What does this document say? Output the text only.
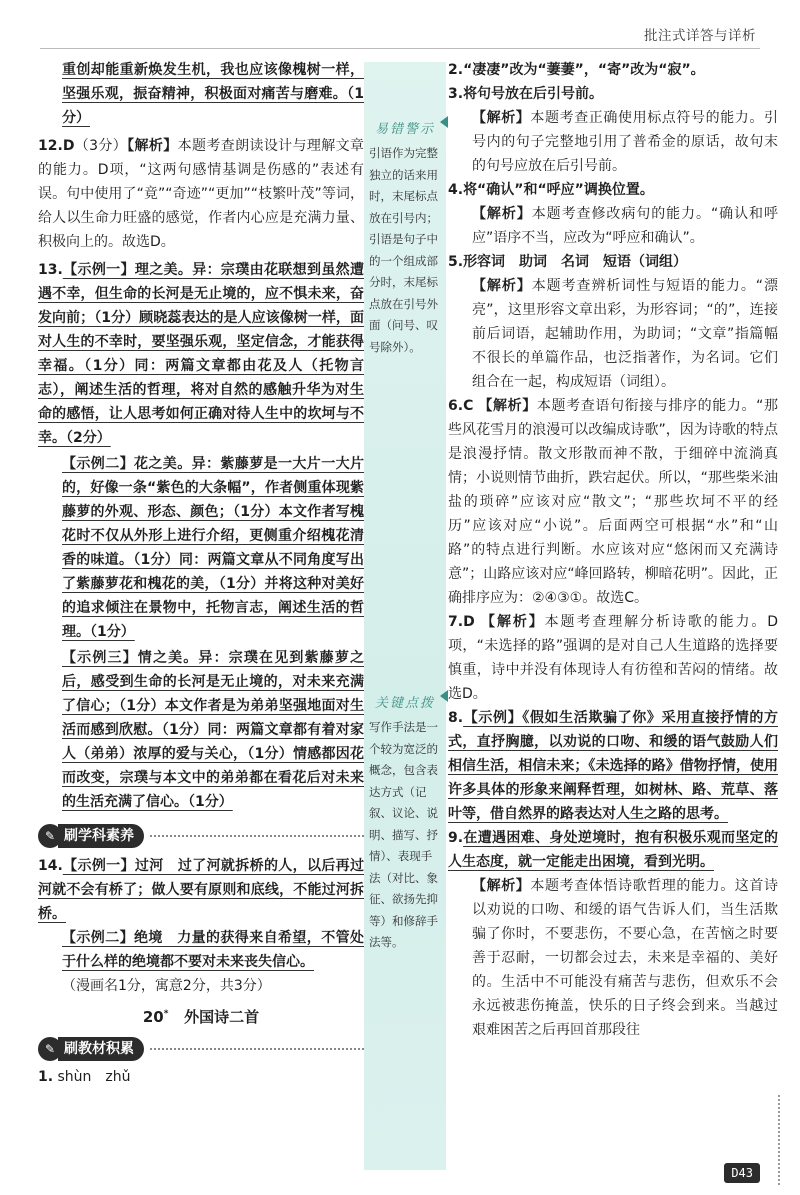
批注式详答与详析
重创却能重新焕发生机，我也应该像槐树一样，坚强乐观，振奋精神，积极面对痛苦与磨难。（1分）
12.D（3分）【解析】本题考查朗读设计与理解文章的能力。D项，“这两句感情基调是伤感的”表述有误。句中使用了“竟”“奇迹”“更加”“枝繁叶茂”等词，给人以生命力旺盛的感觉，作者内心应是充满力量、积极向上的。故选D。
13.【示例一】理之美。异：宗璞由花联想到虽然遭遇不幸，但生命的长河是无止境的，应不惧未来，奋发向前；（1分）顾晓蕊表达的是人应该像树一样，面对人生的不幸时，要坚强乐观，坚定信念，才能获得幸福。（1分）同：两篇文章都由花及人（托物言志），阐述生活的哲理，将对自然的感触升华为对生命的感悟，让人思考如何正确对待人生中的坎坷与不幸。（2分）
【示例二】花之美。异：紫藤萝是一大片一大片的，好像一条“紫色的大条幅”，作者侧重体现紫藤萝的外观、形态、颜色；（1分）本文作者写槐花时不仅从外形上进行介绍，更侧重介绍槐花清香的味道。（1分）同：两篇文章从不同角度写出了紫藤萝花和槐花的美，（1分）并将这种对美好的追求倾注在景物中，托物言志，阐述生活的哲理。（1分）
【示例三】情之美。异：宗璞在见到紫藤萝之后，感受到生命的长河是无止境的，对未来充满了信心；（1分）本文作者是为弟弟坚强地面对生活而感到欣慰。（1分）同：两篇文章都有着对家人（弟弟）浓厚的爱与关心，（1分）情感都因花而改变，宗璞与本文中的弟弟都在看花后对未来的生活充满了信心。（1分）
✎ 刷学科素养
14.【示例一】过河　过了河就拆桥的人，以后再过河就不会有桥了；做人要有原则和底线，不能过河拆桥。
【示例二】绝境　力量的获得来自希望，不管处于什么样的绝境都不要对未来丧失信心。
（漫画名1分，寓意2分，共3分）
20* 外国诗二首
✎ 刷教材积累
1. shùn　zhǔ
易错警示
引语作为完整独立的话来用时，末尾标点放在引号内；引语是句子中的一个组成部分时，末尾标点放在引号外面（问号、叹号除外）。
关键点拨
写作手法是一个较为宽泛的概念，包含表达方式（记叙、议论、说明、描写、抒情）、表现手法（对比、象征、欲扬先抑等）和修辞手法等。
2.“凄凄”改为“萋萋”，“寄”改为“寂”。
3.将句号放在后引号前。
【解析】本题考查正确使用标点符号的能力。引号内的句子完整地引用了普希金的原话，故句末的句号应放在后引号前。
4.将“确认”和“呼应”调换位置。
【解析】本题考查修改病句的能力。“确认和呼应”语序不当，应改为“呼应和确认”。
5.形容词　助词　名词　短语（词组）
【解析】本题考查辨析词性与短语的能力。“漂亮”，这里形容文章出彩，为形容词；“的”，连接前后词语，起辅助作用，为助词；“文章”指篇幅不很长的单篇作品，也泛指著作，为名词。它们组合在一起，构成短语（词组）。
6.C 【解析】本题考查语句衔接与排序的能力。“那些风花雪月的浪漫可以改编成诗歌”，因为诗歌的特点是浪漫抒情。散文形散而神不散，于细碎中流淌真情；小说则情节曲折，跌宕起伏。所以，“那些柴米油盐的琐碎”应该对应“散文”；“那些坎坷不平的经历”应该对应“小说”。后面两空可根据“水”和“山路”的特点进行判断。水应该对应“悠闲而又充满诗意”；山路应该对应“峰回路转，柳暗花明”。因此，正确排序应为：②④③①。故选C。
7.D 【解析】本题考查理解分析诗歌的能力。D项，“未选择的路”强调的是对自己人生道路的选择要慎重，诗中并没有体现诗人有彷徨和苦闷的情绪。故选D。
8.【示例】《假如生活欺骗了你》采用直接抒情的方式，直抒胸臆，以劝说的口吻、和缓的语气鼓励人们相信生活，相信未来；《未选择的路》借物抒情，使用许多具体的形象来阐释哲理，如树林、路、荒草、落叶等，借自然界的路表达对人生之路的思考。
9.在遭遇困难、身处逆境时，抱有积极乐观而坚定的人生态度，就一定能走出困境，看到光明。
【解析】本题考查体悟诗歌哲理的能力。这首诗以劝说的口吻、和缓的语气告诉人们，当生活欺骗了你时，不要悲伤，不要心急，在苦恼之时要善于忍耐，一切都会过去，未来是幸福的、美好的。生活中不可能没有痛苦与悲伤，但欢乐不会永远被悲伤掩盖，快乐的日子终会到来。当越过艰难困苦之后再回首那段往
D43
